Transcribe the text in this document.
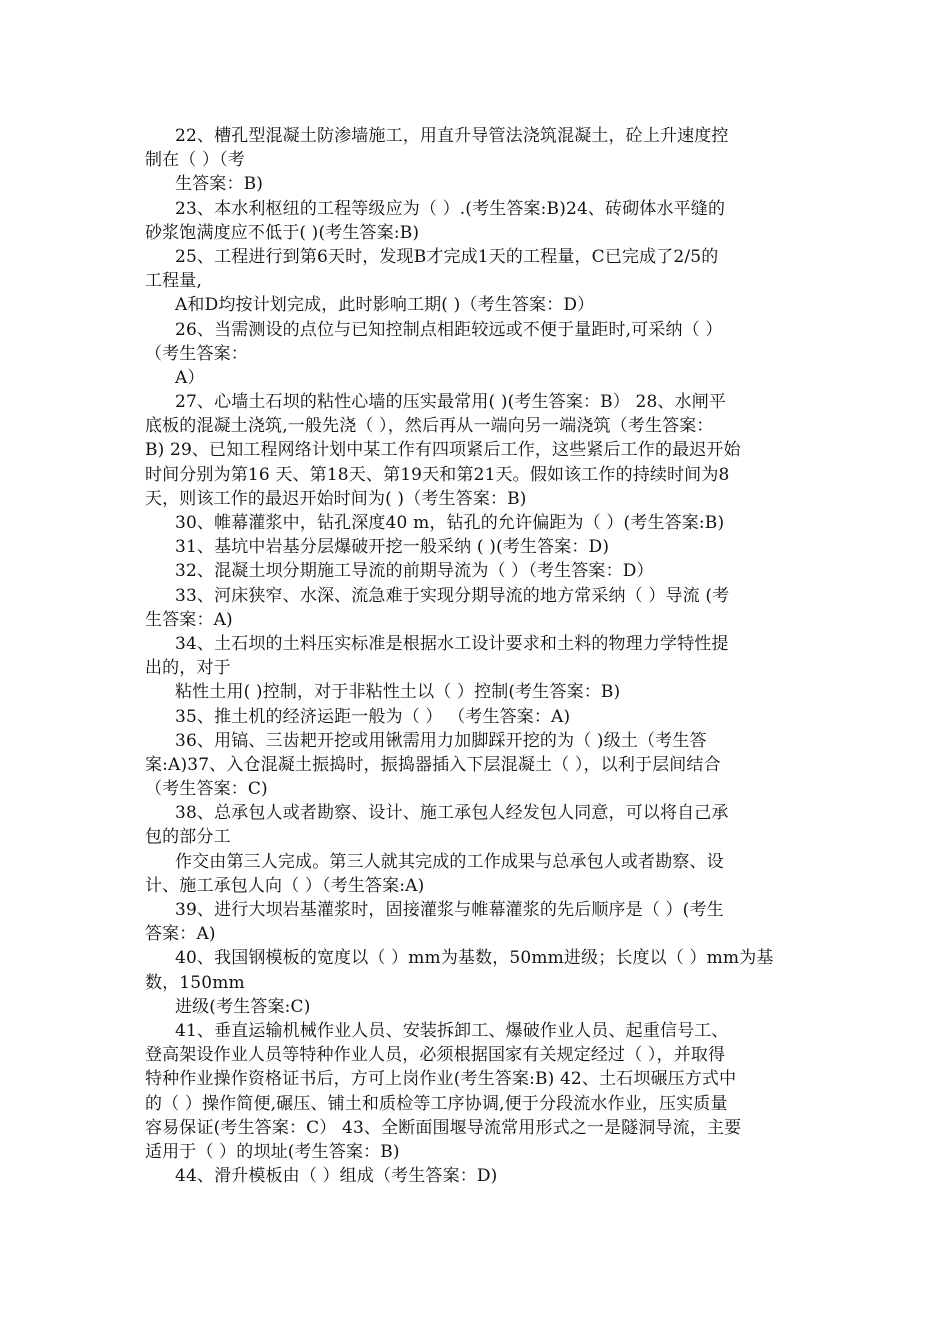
22、槽孔型混凝土防渗墙施工，用直升导管法浇筑混凝土，砼上升速度控
制在（ ）（考
生答案：B)
23、本水利枢纽的工程等级应为（ ）.(考生答案:B)24、砖砌体水平缝的
砂浆饱满度应不低于( )(考生答案:B)
25、工程进行到第6天时，发现B才完成1天的工程量，C已完成了2/5的
工程量,
A和D均按计划完成，此时影响工期( )（考生答案：D）
26、当需测设的点位与已知控制点相距较远或不便于量距时,可采纳（ ）
（考生答案：
A）
27、心墙土石坝的粘性心墙的压实最常用( )(考生答案：B） 28、水闸平
底板的混凝土浇筑,一般先浇（ ），然后再从一端向另一端浇筑（考生答案：
B) 29、已知工程网络计划中某工作有四项紧后工作，这些紧后工作的最迟开始
时间分别为第16 天、第18天、第19天和第21天。假如该工作的持续时间为8
天，则该工作的最迟开始时间为( )（考生答案：B)
30、帷幕灌浆中，钻孔深度40 m，钻孔的允许偏距为（ ）(考生答案:B)
31、基坑中岩基分层爆破开挖一般采纳 ( )(考生答案：D)
32、混凝土坝分期施工导流的前期导流为（ ）（考生答案：D）
33、河床狭窄、水深、流急难于实现分期导流的地方常采纳（ ）导流 (考
生答案：A)
34、土石坝的土料压实标准是根据水工设计要求和土料的物理力学特性提
出的，对于
粘性土用( )控制，对于非粘性土以（ ）控制(考生答案：B)
35、推土机的经济运距一般为（ ） （考生答案：A)
36、用镐、三齿耙开挖或用锹需用力加脚踩开挖的为（ )级土（考生答
案:A)37、入仓混凝土振捣时，振捣器插入下层混凝土（ ），以利于层间结合
（考生答案：C)
38、总承包人或者勘察、设计、施工承包人经发包人同意，可以将自己承
包的部分工
作交由第三人完成。第三人就其完成的工作成果与总承包人或者勘察、设
计、施工承包人向（ ）（考生答案:A)
39、进行大坝岩基灌浆时，固接灌浆与帷幕灌浆的先后顺序是（ ）(考生
答案：A)
40、我国钢模板的宽度以（ ）mm为基数，50mm进级；长度以（ ）mm为基
数，150mm
进级(考生答案:C)
41、垂直运输机械作业人员、安装拆卸工、爆破作业人员、起重信号工、
登高架设作业人员等特种作业人员，必须根据国家有关规定经过（ ），并取得
特种作业操作资格证书后，方可上岗作业(考生答案:B) 42、土石坝碾压方式中
的（ ）操作简便,碾压、铺土和质检等工序协调,便于分段流水作业，压实质量
容易保证(考生答案：C） 43、全断面围堰导流常用形式之一是隧洞导流，主要
适用于（ ）的坝址(考生答案：B)
44、滑升模板由（ ）组成（考生答案：D)
